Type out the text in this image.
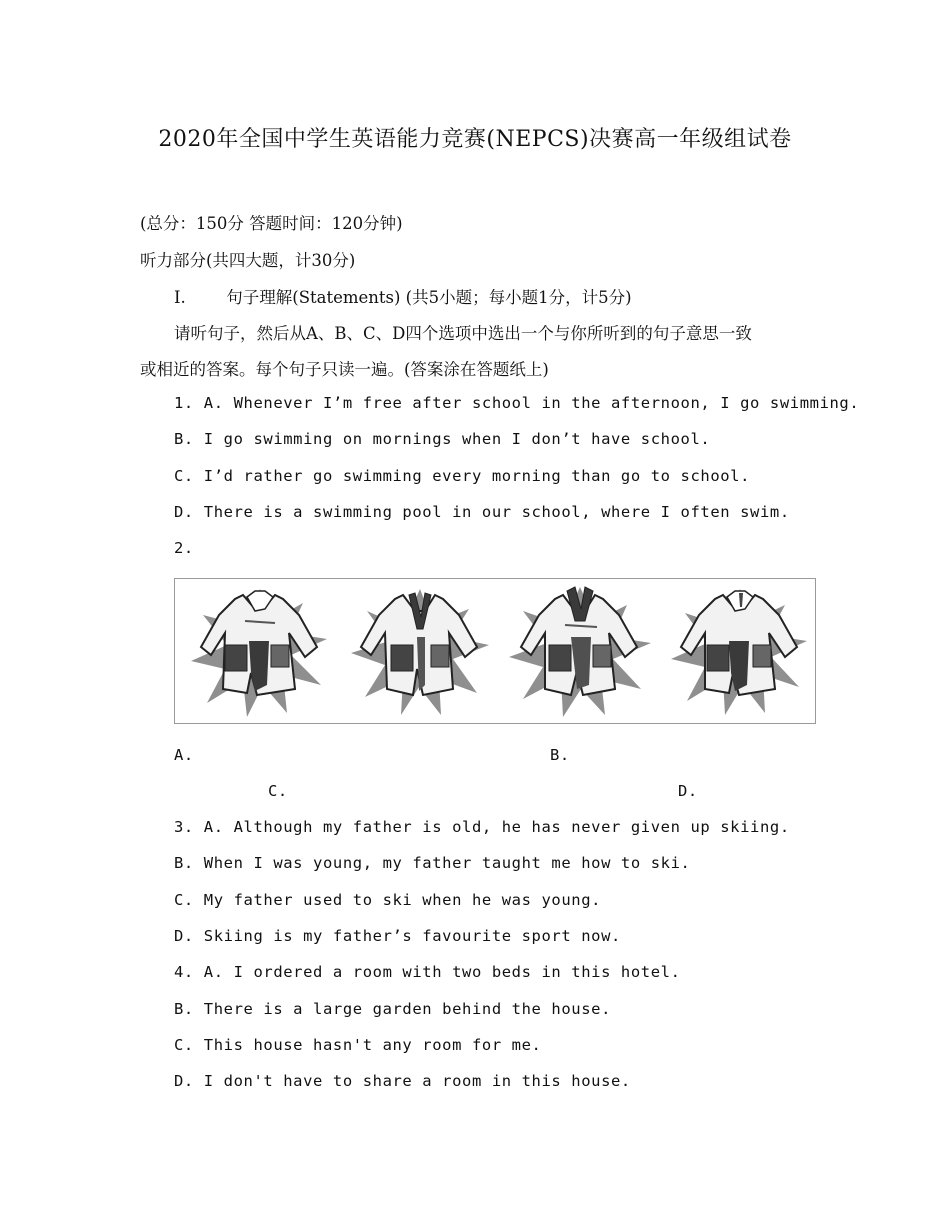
2020年全国中学生英语能力竞赛(NEPCS)决赛高一年级组试卷
(总分：150分 答题时间：120分钟)
听力部分(共四大题，计30分)
I. 句子理解(Statements) (共5小题；每小题1分，计5分)
请听句子，然后从A、B、C、D四个选项中选出一个与你所听到的句子意思一致
或相近的答案。每个句子只读一遍。(答案涂在答题纸上)
1. A. Whenever I’m free after school in the afternoon, I go swimming.
B. I go swimming on mornings when I don’t have school.
C. I’d rather go swimming every morning than go to school.
D. There is a swimming pool in our school, where I often swim.
2.
A.	B.
C.	D.
3. A. Although my father is old, he has never given up skiing.
B. When I was young, my father taught me how to ski.
C. My father used to ski when he was young.
D. Skiing is my father’s favourite sport now.
4. A. I ordered a room with two beds in this hotel.
B. There is a large garden behind the house.
C. This house hasn't any room for me.
D. I don't have to share a room in this house.
